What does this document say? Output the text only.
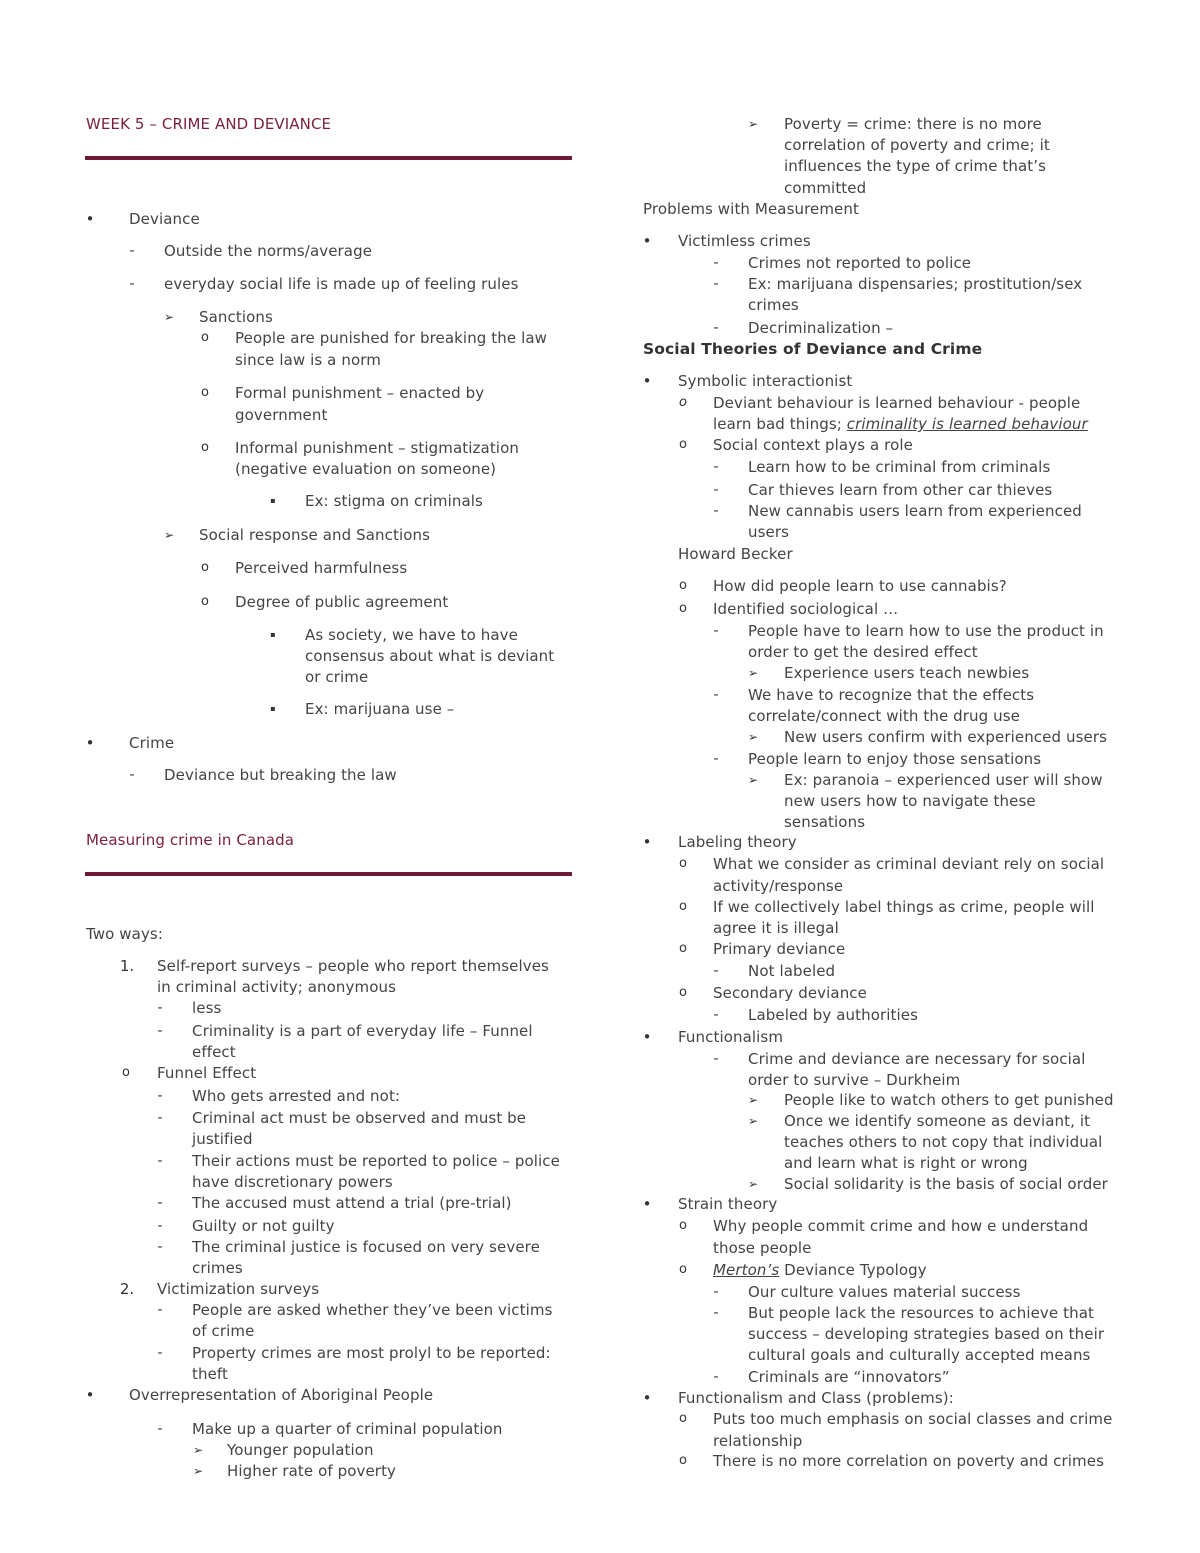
WEEK 5 – CRIME AND DEVIANCE
• Deviance
- Outside the norms/average
- everyday social life is made up of feeling rules
➢ Sanctions
o People are punished for breaking the law
since law is a norm
o Formal punishment – enacted by
government
o Informal punishment – stigmatization
(negative evaluation on someone)
▪ Ex: stigma on criminals
➢ Social response and Sanctions
o Perceived harmfulness
o Degree of public agreement
▪ As society, we have to have
consensus about what is deviant
or crime
▪ Ex: marijuana use –
• Crime
- Deviance but breaking the law
Measuring crime in Canada
Two ways:
1. Self-report surveys – people who report themselves
in criminal activity; anonymous
- less
- Criminality is a part of everyday life – Funnel
effect
o Funnel Effect
- Who gets arrested and not:
- Criminal act must be observed and must be
justified
- Their actions must be reported to police – police
have discretionary powers
- The accused must attend a trial (pre-trial)
- Guilty or not guilty
- The criminal justice is focused on very severe
crimes
2. Victimization surveys
- People are asked whether they’ve been victims
of crime
- Property crimes are most prolyl to be reported:
theft
• Overrepresentation of Aboriginal People
- Make up a quarter of criminal population
➢ Younger population
➢ Higher rate of poverty
➢ Poverty = crime: there is no more
correlation of poverty and crime; it
influences the type of crime that’s
committed
Problems with Measurement
• Victimless crimes
- Crimes not reported to police
- Ex: marijuana dispensaries; prostitution/sex
crimes
- Decriminalization –
Social Theories of Deviance and Crime
• Symbolic interactionist
o Deviant behaviour is learned behaviour - people
learn bad things; criminality is learned behaviour
o Social context plays a role
- Learn how to be criminal from criminals
- Car thieves learn from other car thieves
- New cannabis users learn from experienced
users
Howard Becker
o How did people learn to use cannabis?
o Identified sociological …
- People have to learn how to use the product in
order to get the desired effect
➢ Experience users teach newbies
- We have to recognize that the effects
correlate/connect with the drug use
➢ New users confirm with experienced users
- People learn to enjoy those sensations
➢ Ex: paranoia – experienced user will show
new users how to navigate these
sensations
• Labeling theory
o What we consider as criminal deviant rely on social
activity/response
o If we collectively label things as crime, people will
agree it is illegal
o Primary deviance
- Not labeled
o Secondary deviance
- Labeled by authorities
• Functionalism
- Crime and deviance are necessary for social
order to survive – Durkheim
➢ People like to watch others to get punished
➢ Once we identify someone as deviant, it
teaches others to not copy that individual
and learn what is right or wrong
➢ Social solidarity is the basis of social order
• Strain theory
o Why people commit crime and how e understand
those people
o Merton’s Deviance Typology
- Our culture values material success
- But people lack the resources to achieve that
success – developing strategies based on their
cultural goals and culturally accepted means
- Criminals are “innovators”
• Functionalism and Class (problems):
o Puts too much emphasis on social classes and crime
relationship
o There is no more correlation on poverty and crimes
